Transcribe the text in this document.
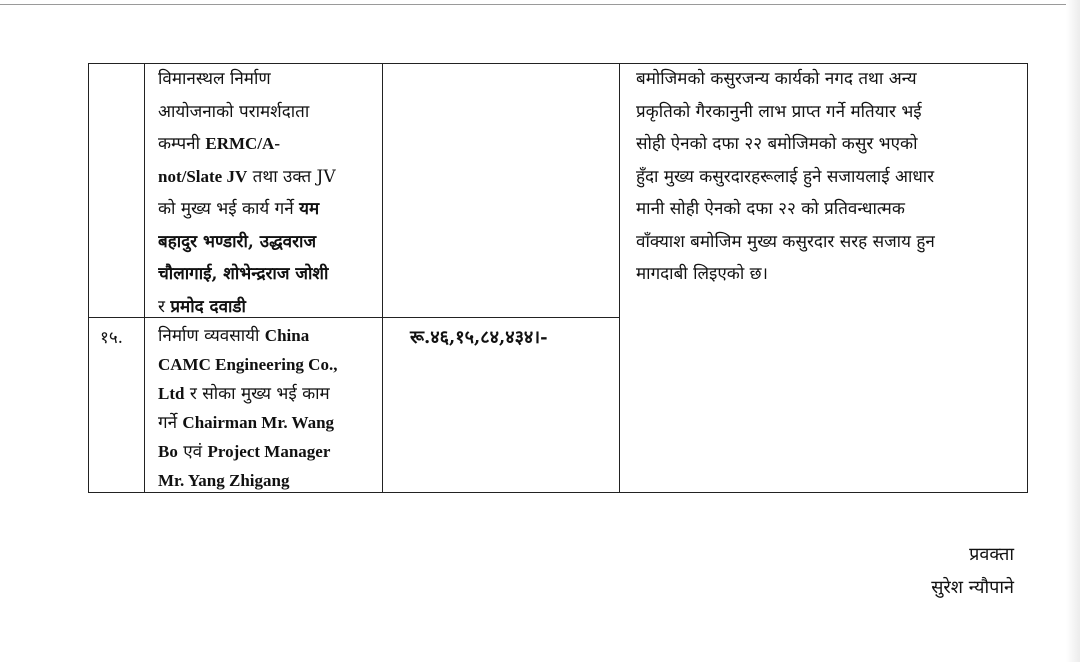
विमानस्थल निर्माण
आयोजनाको परामर्शदाता
कम्पनी ERMC/A-
not/Slate JV तथा उक्त JV
को मुख्य भई कार्य गर्ने यम
बहादुर भण्डारी, उद्धवराज
चौलागाई, शोभेन्द्रराज जोशी
र प्रमोद दवाडी
१५.	रू.४६,१५,८४,४३४।-
निर्माण व्यवसायी China
CAMC Engineering Co.,
Ltd र सोका मुख्य भई काम
गर्ने Chairman Mr. Wang
Bo एवं Project Manager
Mr. Yang Zhigang
बमोजिमको कसुरजन्य कार्यको नगद तथा अन्य
प्रकृतिको गैरकानुनी लाभ प्राप्त गर्ने मतियार भई
सोही ऐनको दफा २२ बमोजिमको कसुर भएको
हुँदा मुख्य कसुरदारहरूलाई हुने सजायलाई आधार
मानी सोही ऐनको दफा २२ को प्रतिवन्धात्मक
वाँक्याश बमोजिम मुख्य कसुरदार सरह सजाय हुन
मागदाबी लिइएको छ।
प्रवक्ता
सुरेश न्यौपाने
